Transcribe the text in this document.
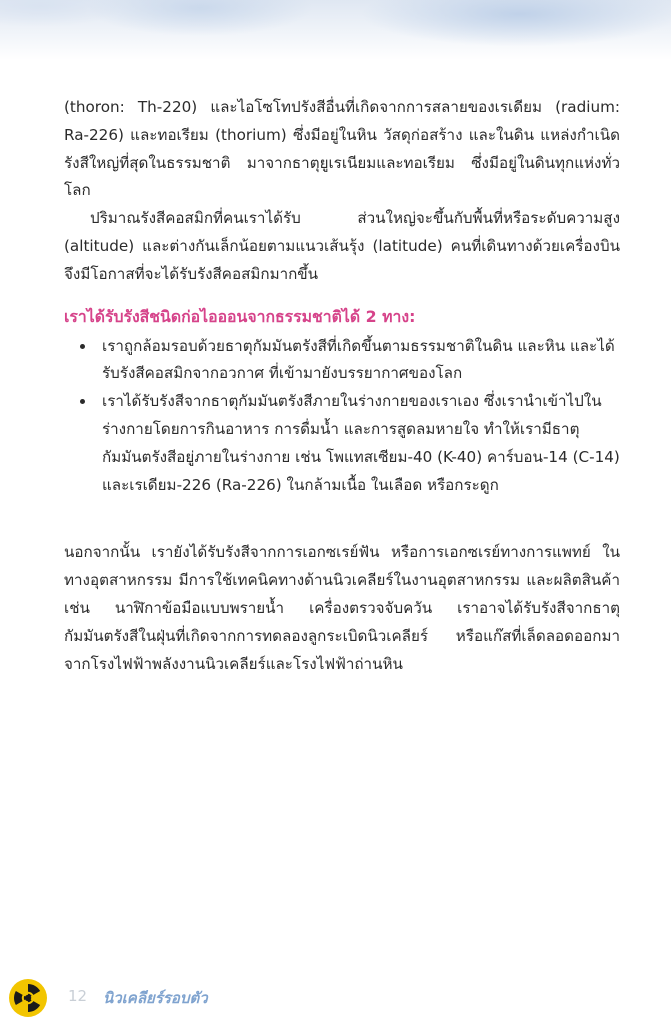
(thoron: Th-220) และไอโซโทปรังสีอื่นที่เกิดจากการสลายของเรเดียม (radium: Ra-226) และทอเรียม (thorium) ซึ่งมีอยู่ในหิน วัสดุก่อสร้าง และในดิน แหล่งกำเนิดรังสีใหญ่ที่สุดในธรรมชาติ มาจากธาตุยูเรเนียมและทอเรียม ซึ่งมีอยู่ในดินทุกแห่งทั่วโลก

ปริมาณรังสีคอสมิกที่คนเราได้รับ ส่วนใหญ่จะขึ้นกับพื้นที่หรือระดับความสูง (altitude) และต่างกันเล็กน้อยตามแนวเส้นรุ้ง (latitude) คนที่เดินทางด้วยเครื่องบิน จึงมีโอกาสที่จะได้รับรังสีคอสมิกมากขึ้น

เราได้รับรังสีชนิดก่อไอออนจากธรรมชาติได้ 2 ทาง:
เราถูกล้อมรอบด้วยธาตุกัมมันตรังสีที่เกิดขึ้นตามธรรมชาติในดิน และหิน และได้รับรังสีคอสมิกจากอวกาศ ที่เข้ามายังบรรยากาศของโลก
เราได้รับรังสีจากธาตุกัมมันตรังสีภายในร่างกายของเราเอง ซึ่งเรานำเข้าไปในร่างกายโดยการกินอาหาร การดื่มน้ำ และการสูดลมหายใจ ทำให้เรามีธาตุกัมมันตรังสีอยู่ภายในร่างกาย เช่น โพแทสเซียม-40 (K-40) คาร์บอน-14 (C-14) และเรเดียม-226 (Ra-226) ในกล้ามเนื้อ ในเลือด หรือกระดูก

นอกจากนั้น เรายังได้รับรังสีจากการเอกซเรย์ฟัน หรือการเอกซเรย์ทางการแพทย์ ในทางอุตสาหกรรม มีการใช้เทคนิคทางด้านนิวเคลียร์ในงานอุตสาหกรรม และผลิตสินค้า เช่น นาฬิกาข้อมือแบบพรายน้ำ เครื่องตรวจจับควัน เราอาจได้รับรังสีจากธาตุกัมมันตรังสีในฝุ่นที่เกิดจากการทดลองลูกระเบิดนิวเคลียร์ หรือแก๊สที่เล็ดลอดออกมาจากโรงไฟฟ้าพลังงานนิวเคลียร์และโรงไฟฟ้าถ่านหิน

12 นิวเคลียร์รอบตัว
